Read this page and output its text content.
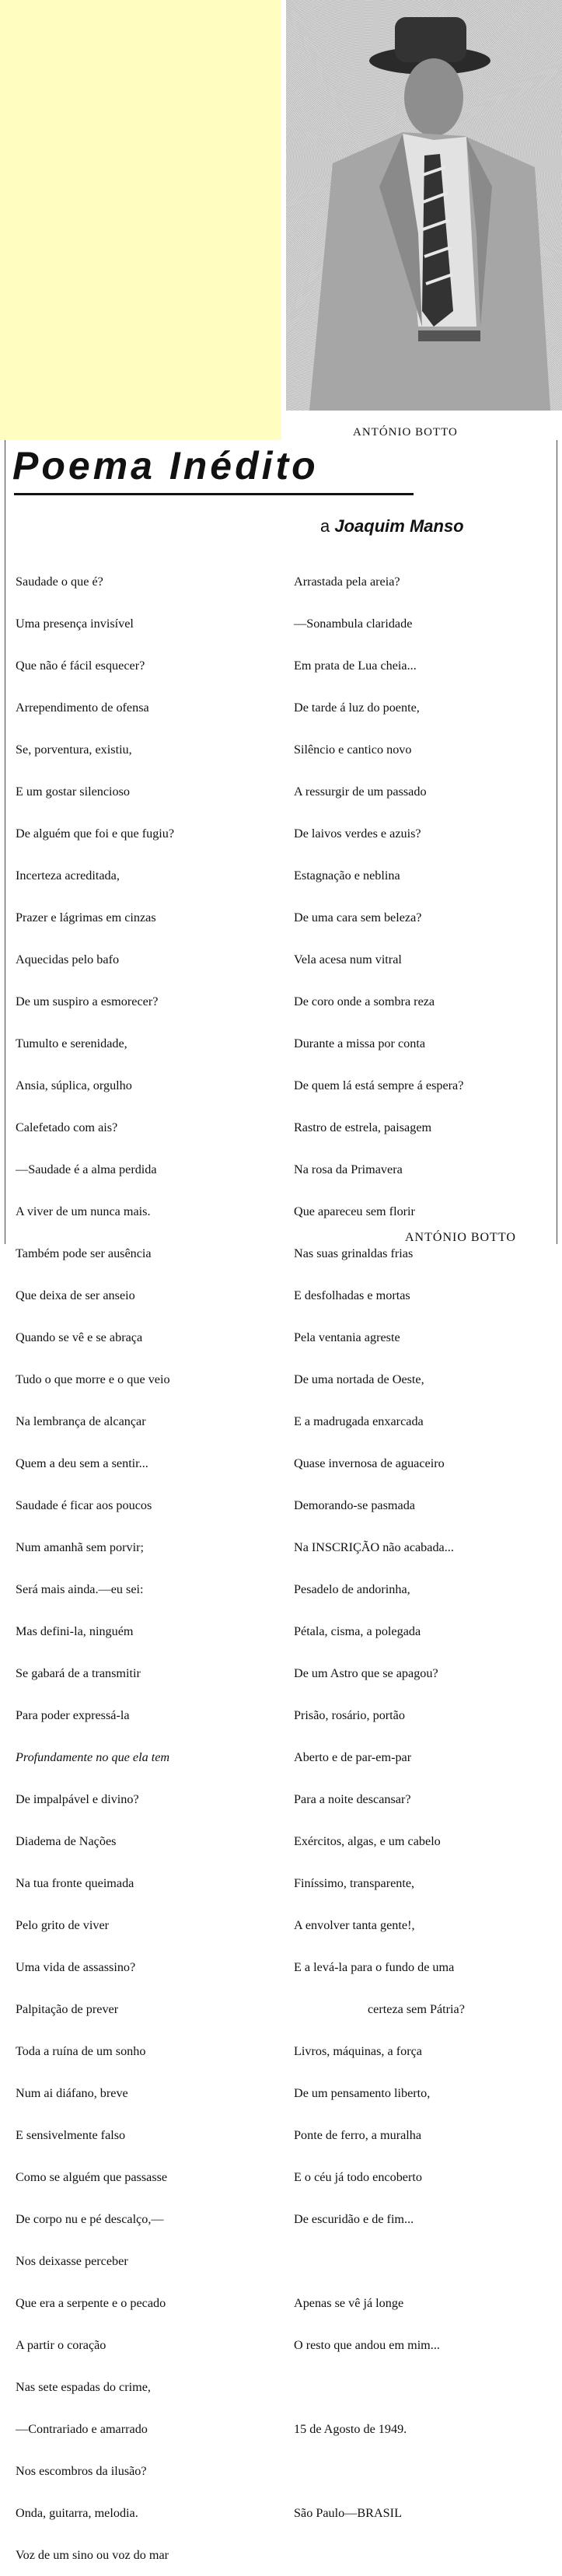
ANTÓNIO BOTTO
Poema Inédito
a Joaquim Manso

Saudade o que é?

Uma presença invisível

Que não é fácil esquecer?

Arrependimento de ofensa

Se, porventura, existiu,

E um gostar silencioso

De alguém que foi e que fugiu?

Incerteza acreditada,

Prazer e lágrimas em cinzas

Aquecidas pelo bafo

De um suspiro a esmorecer?

Tumulto e serenidade,

Ansia, súplica, orgulho

Calefetado com ais?

—Saudade é a alma perdida

A viver de um nunca mais.

Também pode ser ausência

Que deixa de ser anseio

Quando se vê e se abraça

Tudo o que morre e o que veio

Na lembrança de alcançar

Quem a deu sem a sentir...

Saudade é ficar aos poucos

Num amanhã sem porvir;

Será mais ainda.—eu sei:

Mas defini-la, ninguém

Se gabará de a transmitir

Para poder expressá-la

Profundamente no que ela tem

De impalpável e divino?

Diadema de Nações

Na tua fronte queimada

Pelo grito de viver

Uma vida de assassino?

Palpitação de prever

Toda a ruína de um sonho

Num ai diáfano, breve

E sensivelmente falso

Como se alguém que passasse

De corpo nu e pé descalço,—

Nos deixasse perceber

Que era a serpente e o pecado

A partir o coração

Nas sete espadas do crime,

—Contrariado e amarrado

Nos escombros da ilusão?

Onda, guitarra, melodia.

Voz de um sino ou voz do mar

Arrastada pela areia?

—Sonambula claridade

Em prata de Lua cheia...

De tarde á luz do poente,

Silêncio e cantico novo

A ressurgir de um passado

De laivos verdes e azuis?

Estagnação e neblina

De uma cara sem beleza?

Vela acesa num vitral

De coro onde a sombra reza

Durante a missa por conta

De quem lá está sempre á espera?

Rastro de estrela, paisagem

Na rosa da Primavera

Que apareceu sem florir

Nas suas grinaldas frias

E desfolhadas e mortas

Pela ventania agreste

De uma nortada de Oeste,

E a madrugada enxarcada

Quase invernosa de aguaceiro

Demorando-se pasmada

Na INSCRIÇÃO não acabada...

Pesadelo de andorinha,

Pétala, cisma, a polegada

De um Astro que se apagou?

Prisão, rosário, portão

Aberto e de par-em-par

Para a noite descansar?

Exércitos, algas, e um cabelo

Finíssimo, transparente,

A envolver tanta gente!,

E a levá-la para o fundo de uma

certeza sem Pátria?

Livros, máquinas, a força

De um pensamento liberto,

Ponte de ferro, a muralha

E o céu já todo encoberto

De escuridão e de fim...

Apenas se vê já longe

O resto que andou em mim...

15 de Agosto de 1949.

São Paulo—BRASIL

ANTÓNIO BOTTO
